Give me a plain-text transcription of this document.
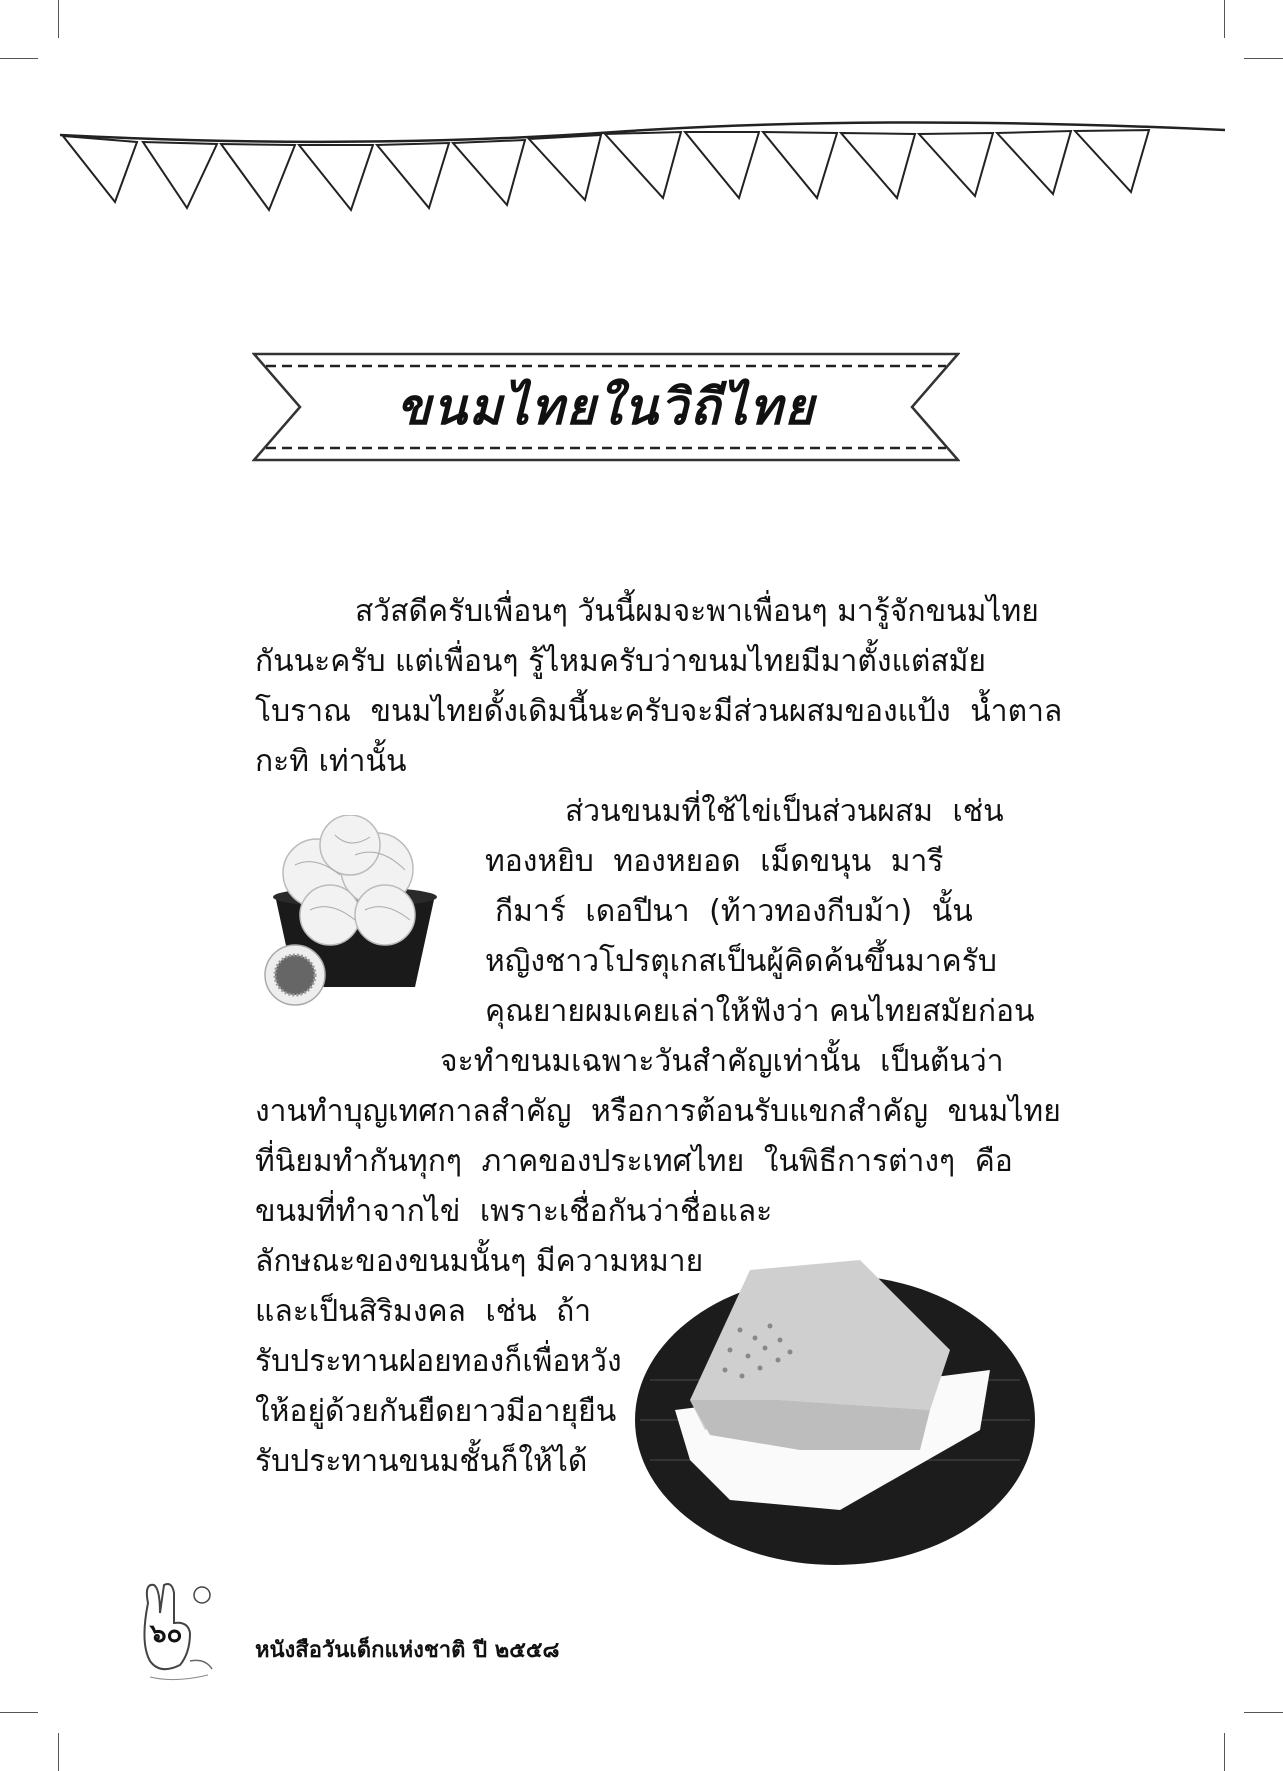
ขนมไทยในวิถีไทย
สวัสดีครับเพื่อนๆ วันนี้ผมจะพาเพื่อนๆ มารู้จักขนมไทย
กันนะครับ แต่เพื่อนๆ รู้ไหมครับว่าขนมไทยมีมาตั้งแต่สมัย
โบราณ ขนมไทยดั้งเดิมนี้นะครับจะมีส่วนผสมของแป้ง น้ำตาล
กะทิ เท่านั้น
ส่วนขนมที่ใช้ไข่เป็นส่วนผสม เช่น
ทองหยิบ ทองหยอด เม็ดขนุน มารี
กีมาร์ เดอปีนา (ท้าวทองกีบม้า) นั้น
หญิงชาวโปรตุเกสเป็นผู้คิดค้นขึ้นมาครับ
คุณยายผมเคยเล่าให้ฟังว่า คนไทยสมัยก่อน
จะทำขนมเฉพาะวันสำคัญเท่านั้น เป็นต้นว่า
งานทำบุญเทศกาลสำคัญ หรือการต้อนรับแขกสำคัญ ขนมไทย
ที่นิยมทำกันทุกๆ ภาคของประเทศไทย ในพิธีการต่างๆ คือ
ขนมที่ทำจากไข่ เพราะเชื่อกันว่าชื่อและ
ลักษณะของขนมนั้นๆ มีความหมาย
และเป็นสิริมงคล เช่น ถ้า
รับประทานฝอยทองก็เพื่อหวัง
ให้อยู่ด้วยกันยืดยาวมีอายุยืน
รับประทานขนมชั้นก็ให้ได้
๖๐
หนังสือวันเด็กแห่งชาติ ปี ๒๕๕๘
